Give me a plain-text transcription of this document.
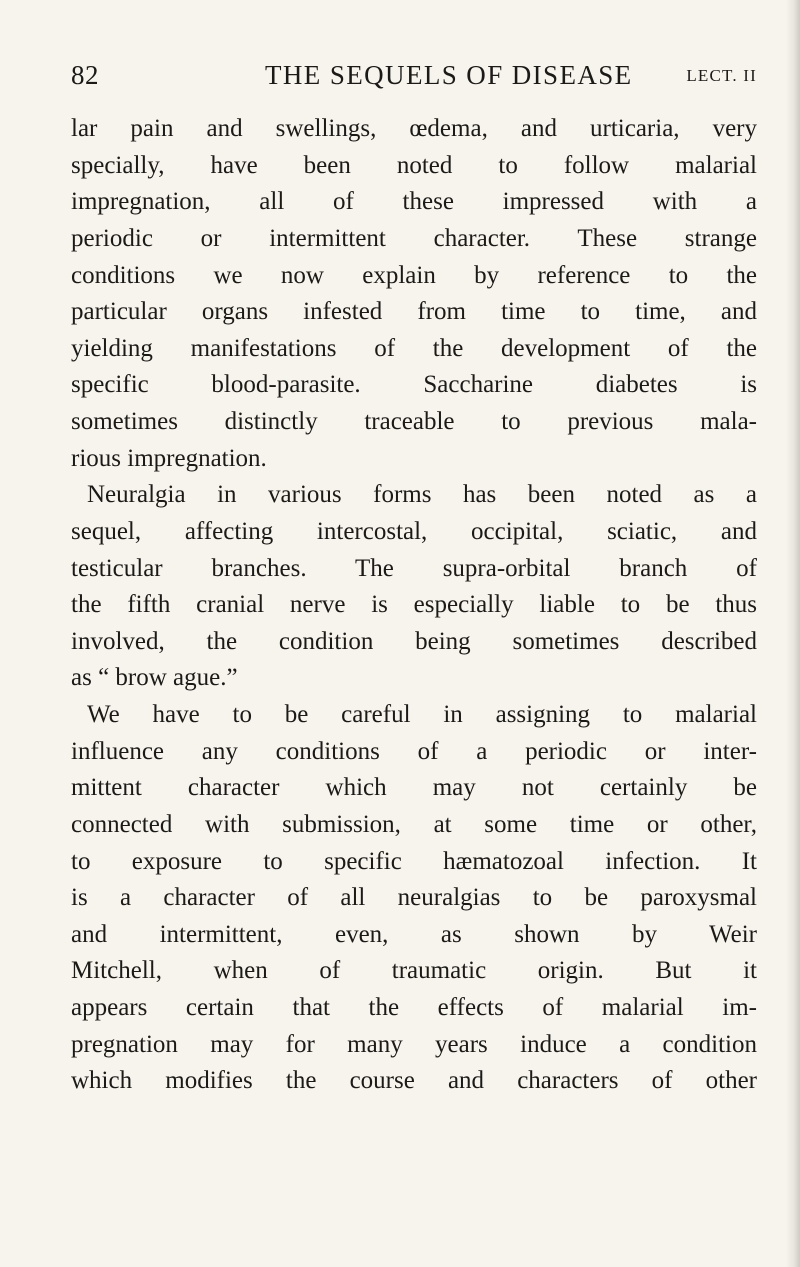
82	THE SEQUELS OF DISEASE	LECT. II
lar pain and swellings, œdema, and urticaria, very
specially, have been noted to follow malarial
impregnation, all of these impressed with a
periodic or intermittent character. These strange
conditions we now explain by reference to the
particular organs infested from time to time, and
yielding manifestations of the development of the
specific blood-parasite. Saccharine diabetes is
sometimes distinctly traceable to previous mala-
rious impregnation.
Neuralgia in various forms has been noted as a
sequel, affecting intercostal, occipital, sciatic, and
testicular branches. The supra-orbital branch of
the fifth cranial nerve is especially liable to be thus
involved, the condition being sometimes described
as “ brow ague.”
We have to be careful in assigning to malarial
influence any conditions of a periodic or inter-
mittent character which may not certainly be
connected with submission, at some time or other,
to exposure to specific hæmatozoal infection. It
is a character of all neuralgias to be paroxysmal
and intermittent, even, as shown by Weir
Mitchell, when of traumatic origin. But it
appears certain that the effects of malarial im-
pregnation may for many years induce a condition
which modifies the course and characters of other
